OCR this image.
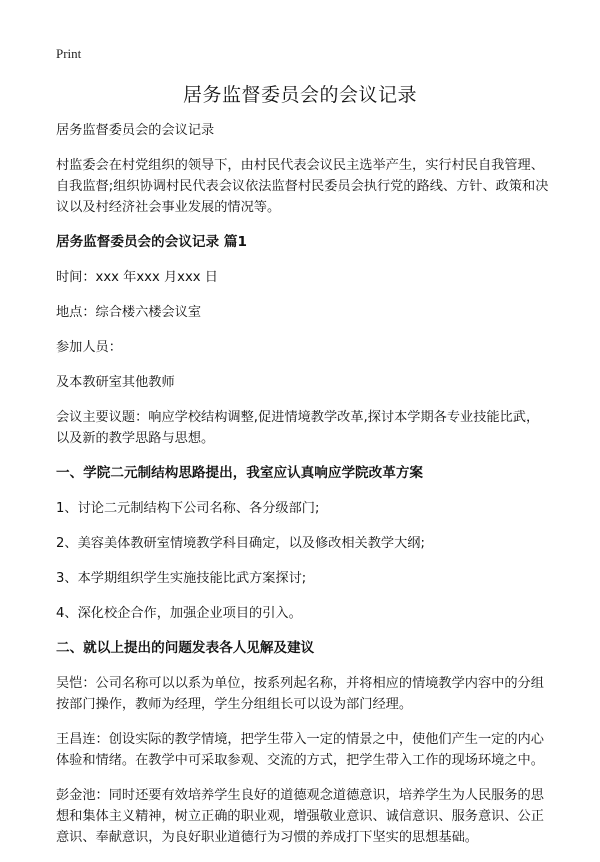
Print
居务监督委员会的会议记录

居务监督委员会的会议记录

村监委会在村党组织的领导下，由村民代表会议民主选举产生，实行村民自我管理、自我监督;组织协调村民代表会议依法监督村民委员会执行党的路线、方针、政策和决议以及村经济社会事业发展的情况等。

居务监督委员会的会议记录 篇1

时间：xxx 年xxx 月xxx 日

地点：综合楼六楼会议室

参加人员：

及本教研室其他教师

会议主要议题：响应学校结构调整,促进情境教学改革,探讨本学期各专业技能比武，以及新的教学思路与思想。

一、学院二元制结构思路提出，我室应认真响应学院改革方案

1、讨论二元制结构下公司名称、各分级部门;

2、美容美体教研室情境教学科目确定，以及修改相关教学大纲;

3、本学期组织学生实施技能比武方案探讨;

4、深化校企合作，加强企业项目的引入。

二、就以上提出的问题发表各人见解及建议

吴恺：公司名称可以以系为单位，按系列起名称，并将相应的情境教学内容中的分组按部门操作，教师为经理，学生分组组长可以设为部门经理。

王昌连：创设实际的教学情境，把学生带入一定的情景之中，使他们产生一定的内心体验和情绪。在教学中可采取参观、交流的方式，把学生带入工作的现场环境之中。

彭金池：同时还要有效培养学生良好的道德观念道德意识，培养学生为人民服务的思想和集体主义精神，树立正确的职业观，增强敬业意识、诚信意识、服务意识、公正意识、奉献意识，为良好职业道德行为习惯的养成打下坚实的思想基础。
